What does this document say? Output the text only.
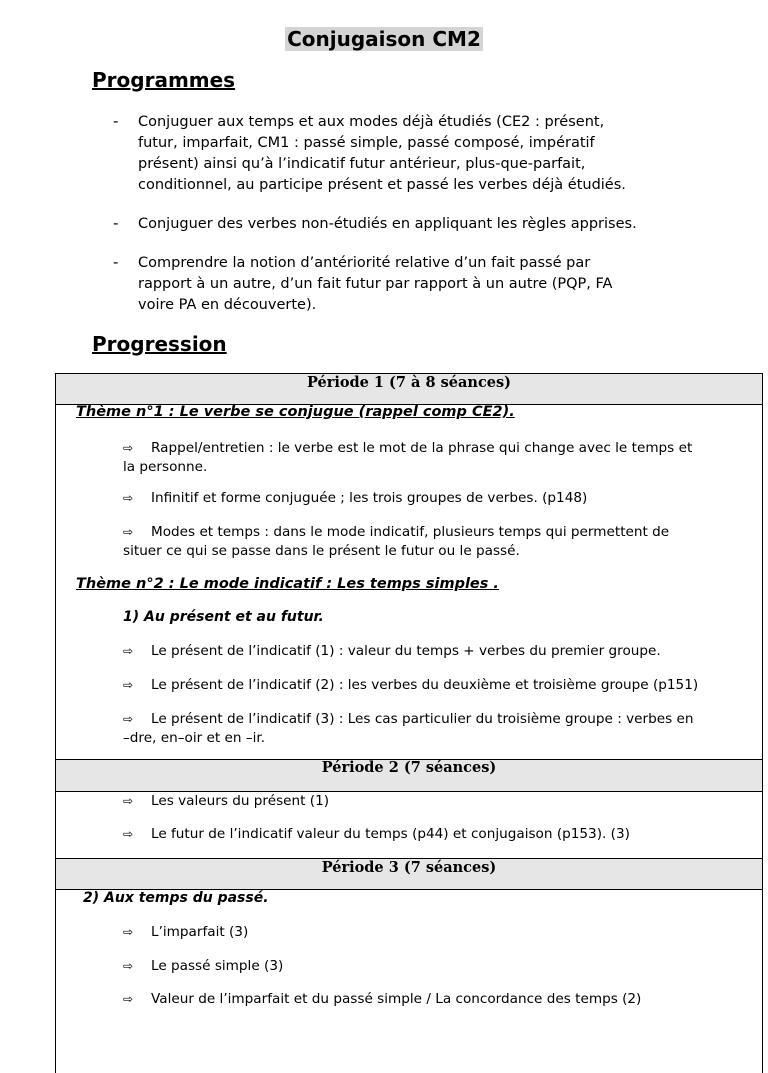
Conjugaison CM2
Programmes
- Conjuguer aux temps et aux modes déjà étudiés (CE2 : présent,
futur, imparfait, CM1 : passé simple, passé composé, impératif
présent) ainsi qu’à l’indicatif futur antérieur, plus-que-parfait,
conditionnel, au participe présent et passé les verbes déjà étudiés.
- Conjuguer des verbes non-étudiés en appliquant les règles apprises.
- Comprendre la notion d’antériorité relative d’un fait passé par
rapport à un autre, d’un fait futur par rapport à un autre (PQP, FA
voire PA en découverte).
Progression
Période 1 (7 à 8 séances)
Thème n°1 : Le verbe se conjugue (rappel comp CE2).
⇨ Rappel/entretien : le verbe est le mot de la phrase qui change avec le temps et
la personne.
⇨ Infinitif et forme conjuguée ; les trois groupes de verbes. (p148)
⇨ Modes et temps : dans le mode indicatif, plusieurs temps qui permettent de
situer ce qui se passe dans le présent le futur ou le passé.
Thème n°2 : Le mode indicatif : Les temps simples .
1) Au présent et au futur.
⇨ Le présent de l’indicatif (1) : valeur du temps + verbes du premier groupe.
⇨ Le présent de l’indicatif (2) : les verbes du deuxième et troisième groupe (p151)
⇨ Le présent de l’indicatif (3) : Les cas particulier du troisième groupe : verbes en
–dre, en–oir et en –ir.
Période 2 (7 séances)
⇨ Les valeurs du présent (1)
⇨ Le futur de l’indicatif valeur du temps (p44) et conjugaison (p153). (3)
Période 3 (7 séances)
2) Aux temps du passé.
⇨ L’imparfait (3)
⇨ Le passé simple (3)
⇨ Valeur de l’imparfait et du passé simple / La concordance des temps (2)
